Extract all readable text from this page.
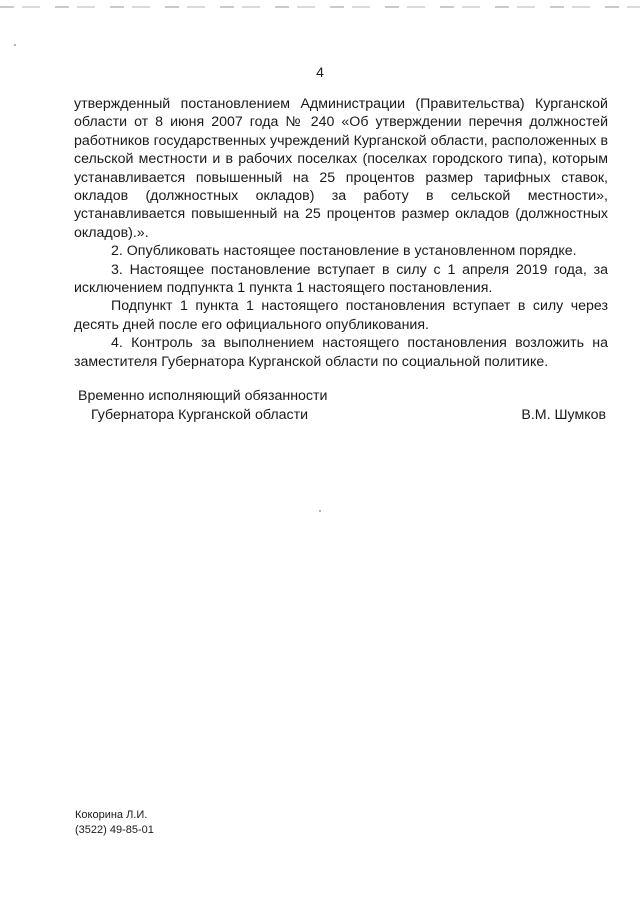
4

утвержденный постановлением Администрации (Правительства) Курганской области от 8 июня 2007 года № 240 «Об утверждении перечня должностей работников государственных учреждений Курганской области, расположенных в сельской местности и в рабочих поселках (поселках городского типа), которым устанавливается повышенный на 25 процентов размер тарифных ставок, окладов (должностных окладов) за работу в сельской местности», устанавливается повышенный на 25 процентов размер окладов (должностных окладов).».

2. Опубликовать настоящее постановление в установленном порядке.

3. Настоящее постановление вступает в силу с 1 апреля 2019 года, за исключением подпункта 1 пункта 1 настоящего постановления.

Подпункт 1 пункта 1 настоящего постановления вступает в силу через десять дней после его официального опубликования.

4. Контроль за выполнением настоящего постановления возложить на заместителя Губернатора Курганской области по социальной политике.

Временно исполняющий обязанности
Губернатора Курганской области	В.М. Шумков
Кокорина Л.И.
(3522) 49-85-01
